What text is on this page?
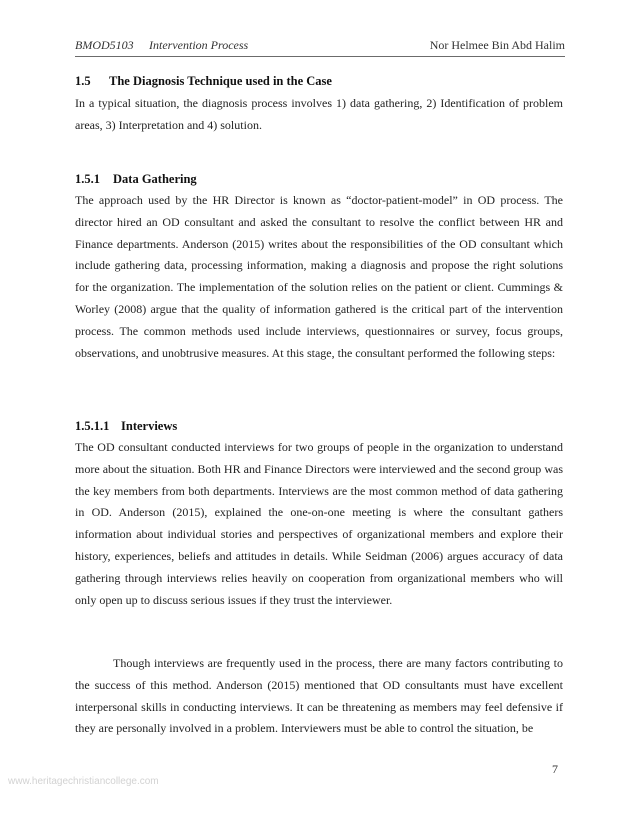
BMOD5103 Intervention Process	Nor Helmee Bin Abd Halim
1.5 The Diagnosis Technique used in the Case
In a typical situation, the diagnosis process involves 1) data gathering, 2) Identification of problem areas, 3) Interpretation and 4) solution.
1.5.1 Data Gathering
The approach used by the HR Director is known as “doctor-patient-model” in OD process. The director hired an OD consultant and asked the consultant to resolve the conflict between HR and Finance departments. Anderson (2015) writes about the responsibilities of the OD consultant which include gathering data, processing information, making a diagnosis and propose the right solutions for the organization. The implementation of the solution relies on the patient or client. Cummings & Worley (2008) argue that the quality of information gathered is the critical part of the intervention process. The common methods used include interviews, questionnaires or survey, focus groups, observations, and unobtrusive measures. At this stage, the consultant performed the following steps:
1.5.1.1 Interviews
The OD consultant conducted interviews for two groups of people in the organization to understand more about the situation. Both HR and Finance Directors were interviewed and the second group was the key members from both departments. Interviews are the most common method of data gathering in OD. Anderson (2015), explained the one-on-one meeting is where the consultant gathers information about individual stories and perspectives of organizational members and explore their history, experiences, beliefs and attitudes in details. While Seidman (2006) argues accuracy of data gathering through interviews relies heavily on cooperation from organizational members who will only open up to discuss serious issues if they trust the interviewer.
Though interviews are frequently used in the process, there are many factors contributing to the success of this method. Anderson (2015) mentioned that OD consultants must have excellent interpersonal skills in conducting interviews. It can be threatening as members may feel defensive if they are personally involved in a problem. Interviewers must be able to control the situation, be
7
www.heritagechristiancollege.com
